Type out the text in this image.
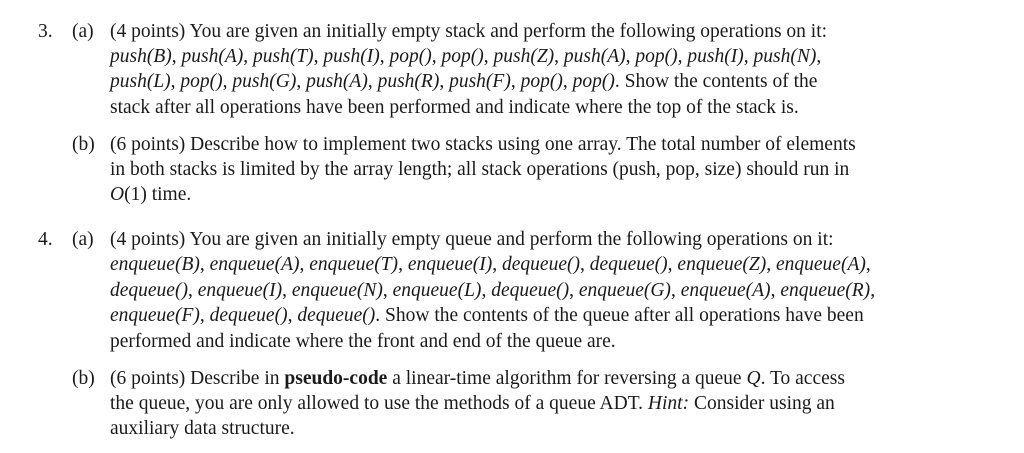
3. (a) (4 points) You are given an initially empty stack and perform the following operations on it:
push(B), push(A), push(T), push(I), pop(), pop(), push(Z), push(A), pop(), push(I), push(N),
push(L), pop(), push(G), push(A), push(R), push(F), pop(), pop(). Show the contents of the
stack after all operations have been performed and indicate where the top of the stack is.
(b) (6 points) Describe how to implement two stacks using one array. The total number of elements
in both stacks is limited by the array length; all stack operations (push, pop, size) should run in
O(1) time.
4. (a) (4 points) You are given an initially empty queue and perform the following operations on it:
enqueue(B), enqueue(A), enqueue(T), enqueue(I), dequeue(), dequeue(), enqueue(Z), enqueue(A),
dequeue(), enqueue(I), enqueue(N), enqueue(L), dequeue(), enqueue(G), enqueue(A), enqueue(R),
enqueue(F), dequeue(), dequeue(). Show the contents of the queue after all operations have been
performed and indicate where the front and end of the queue are.
(b) (6 points) Describe in pseudo-code a linear-time algorithm for reversing a queue Q. To access
the queue, you are only allowed to use the methods of a queue ADT. Hint: Consider using an
auxiliary data structure.
